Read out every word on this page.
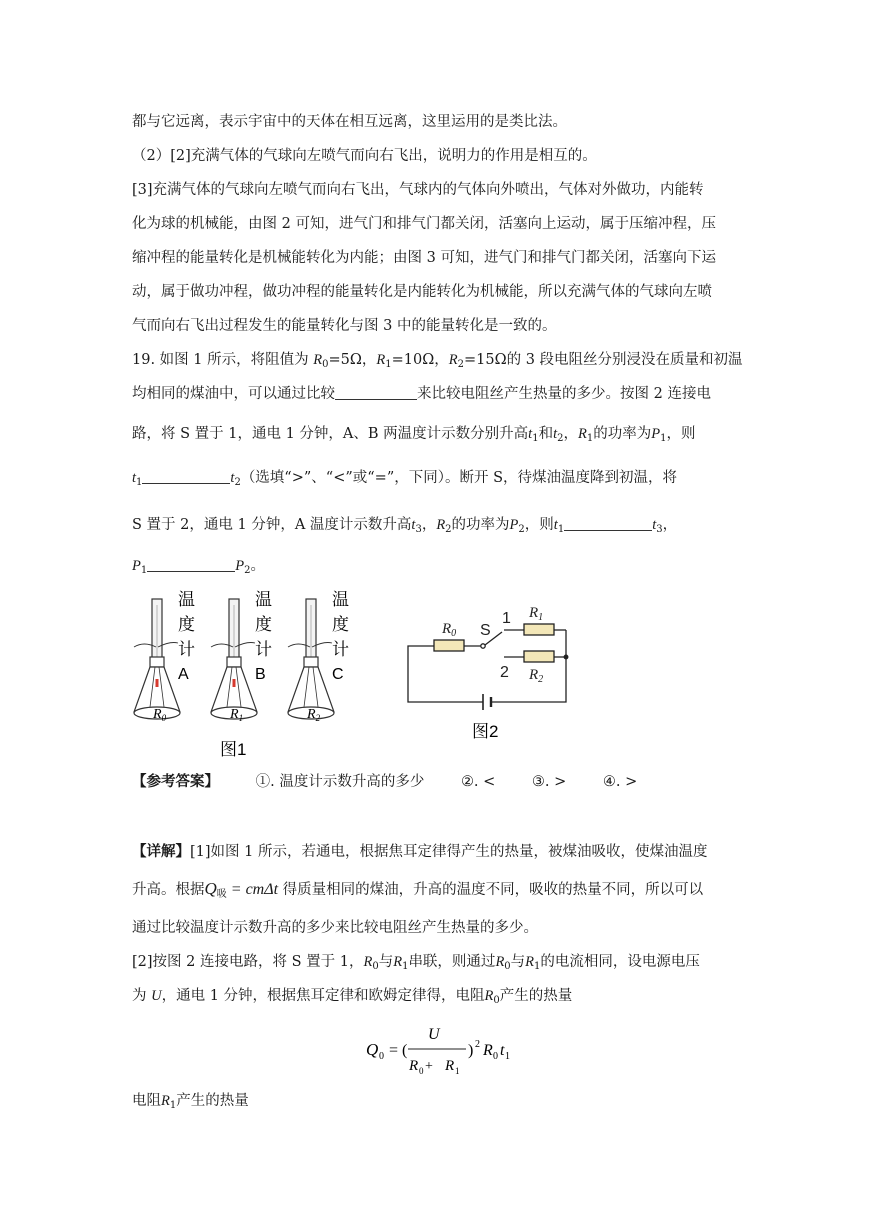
都与它远离，表示宇宙中的天体在相互远离，这里运用的是类比法。
（2）[2]充满气体的气球向左喷气而向右飞出，说明力的作用是相互的。
[3]充满气体的气球向左喷气而向右飞出，气球内的气体向外喷出，气体对外做功，内能转
化为球的机械能，由图 2 可知，进气门和排气门都关闭，活塞向上运动，属于压缩冲程，压
缩冲程的能量转化是机械能转化为内能；由图 3 可知，进气门和排气门都关闭，活塞向下运
动，属于做功冲程，做功冲程的能量转化是内能转化为机械能，所以充满气体的气球向左喷
气而向右飞出过程发生的能量转化与图 3 中的能量转化是一致的。
19. 如图 1 所示，将阻值为 $R_0=5\Omega$，$R_1=10\Omega$，$R_2=15\Omega$的 3 段电阻丝分别浸没在质量和初温
均相同的煤油中，可以通过比较	来比较电阻丝产生热量的多少。按图 2 连接电
路，将 S 置于 1，通电 1 分钟，A、B 两温度计示数分别升高$t_1$和$t_2$，$R_1$的功率为$P_1$，则
$t_1$	$t_2$（选填“>”、“<”或“=”，下同）。断开 S，待煤油温度降到初温，将
S 置于 2，通电 1 分钟，A 温度计示数升高$t_3$，$R_2$的功率为$P_2$，则$t_1$	$t_3$，
$P_1$	$P_2$。
$R_0$
温
度
计
A
$R_1$
温
度
计
B
$R_2$
温
度
计
C
图1
$R_0$ S
1
2
$R_1$
$R_2$
图2
【参考答案】	①. 温度计示数升高的多少	②. <	③. >	④. >
【详解】[1]如图 1 所示，若通电，根据焦耳定律得产生的热量，被煤油吸收，使煤油温度
升高。根据$Q_吸 = cm\Delta t$ 得质量相同的煤油，升高的温度不同，吸收的热量不同，所以可以
通过比较温度计示数升高的多少来比较电阻丝产生热量的多少。
[2]按图 2 连接电路，将 S 置于 1，$R_0$与$R_1$串联，则通过$R_0$与$R_1$的电流相同，设电源电压
为 U，通电 1 分钟，根据焦耳定律和欧姆定律得，电阻$R_0$产生的热量
Q 0 = (
U
R 0 + R 1
) 2 R 0 t 1
电阻$R_1$产生的热量
